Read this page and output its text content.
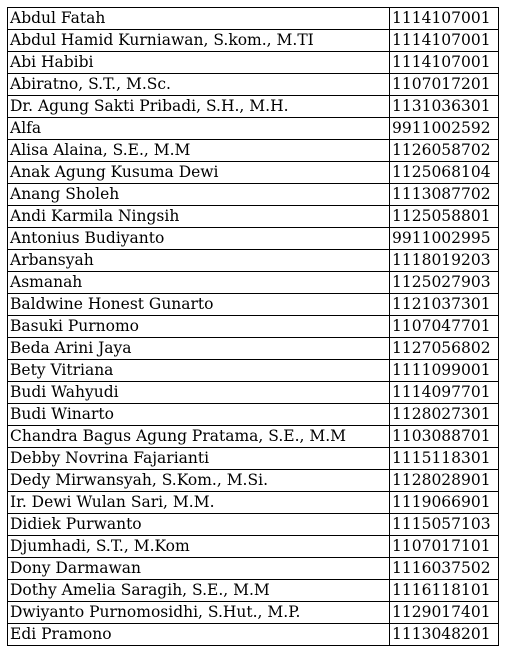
Abdul Fatah	1114107001
Abdul Hamid Kurniawan, S.kom., M.TI	1114107001
Abi Habibi	1114107001
Abiratno, S.T., M.Sc.	1107017201
Dr. Agung Sakti Pribadi, S.H., M.H.	1131036301
Alfa	9911002592
Alisa Alaina, S.E., M.M	1126058702
Anak Agung Kusuma Dewi	1125068104
Anang Sholeh	1113087702
Andi Karmila Ningsih	1125058801
Antonius Budiyanto	9911002995
Arbansyah	1118019203
Asmanah	1125027903
Baldwine Honest Gunarto	1121037301
Basuki Purnomo	1107047701
Beda Arini Jaya	1127056802
Bety Vitriana	1111099001
Budi Wahyudi	1114097701
Budi Winarto	1128027301
Chandra Bagus Agung Pratama, S.E., M.M	1103088701
Debby Novrina Fajarianti	1115118301
Dedy Mirwansyah, S.Kom., M.Si.	1128028901
Ir. Dewi Wulan Sari, M.M.	1119066901
Didiek Purwanto	1115057103
Djumhadi, S.T., M.Kom	1107017101
Dony Darmawan	1116037502
Dothy Amelia Saragih, S.E., M.M	1116118101
Dwiyanto Purnomosidhi, S.Hut., M.P.	1129017401
Edi Pramono	1113048201
